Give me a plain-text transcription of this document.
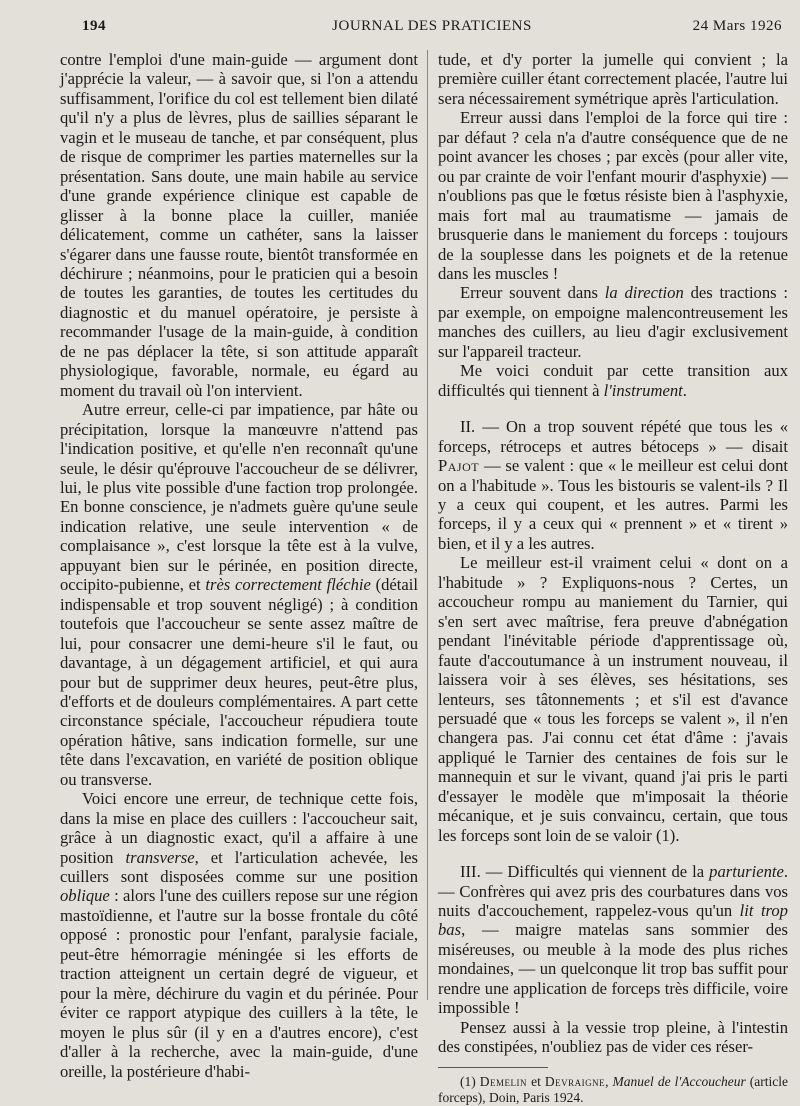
194	JOURNAL DES PRATICIENS	24 Mars 1926

contre l'emploi d'une main-guide — argument dont j'apprécie la valeur, — à savoir que, si l'on a attendu suffisamment, l'orifice du col est tellement bien dilaté qu'il n'y a plus de lèvres, plus de saillies séparant le vagin et le museau de tanche, et par conséquent, plus de risque de comprimer les parties maternelles sur la présentation. Sans doute, une main habile au service d'une grande expérience clinique est capable de glisser à la bonne place la cuiller, maniée délicatement, comme un cathéter, sans la laisser s'égarer dans une fausse route, bientôt transformée en déchirure ; néanmoins, pour le praticien qui a besoin de toutes les garanties, de toutes les certitudes du diagnostic et du manuel opératoire, je persiste à recommander l'usage de la main-guide, à condition de ne pas déplacer la tête, si son attitude apparaît physiologique, favorable, normale, eu égard au moment du travail où l'on intervient.

Autre erreur, celle-ci par impatience, par hâte ou précipitation, lorsque la manœuvre n'attend pas l'indication positive, et qu'elle n'en reconnaît qu'une seule, le désir qu'éprouve l'accoucheur de se délivrer, lui, le plus vite possible d'une faction trop prolongée. En bonne conscience, je n'admets guère qu'une seule indication relative, une seule intervention « de complaisance », c'est lorsque la tête est à la vulve, appuyant bien sur le périnée, en position directe, occipito-pubienne, et très correctement fléchie (détail indispensable et trop souvent négligé) ; à condition toutefois que l'accoucheur se sente assez maître de lui, pour consacrer une demi-heure s'il le faut, ou davantage, à un dégagement artificiel, et qui aura pour but de supprimer deux heures, peut-être plus, d'efforts et de douleurs complémentaires. A part cette circonstance spéciale, l'accoucheur répudiera toute opération hâtive, sans indication formelle, sur une tête dans l'excavation, en variété de position oblique ou transverse.

Voici encore une erreur, de technique cette fois, dans la mise en place des cuillers : l'accoucheur sait, grâce à un diagnostic exact, qu'il a affaire à une position transverse, et l'articulation achevée, les cuillers sont disposées comme sur une position oblique : alors l'une des cuillers repose sur une région mastoïdienne, et l'autre sur la bosse frontale du côté opposé : pronostic pour l'enfant, paralysie faciale, peut-être hémorragie méningée si les efforts de traction atteignent un certain degré de vigueur, et pour la mère, déchirure du vagin et du périnée. Pour éviter ce rapport atypique des cuillers à la tête, le moyen le plus sûr (il y en a d'autres encore), c'est d'aller à la recherche, avec la main-guide, d'une oreille, la postérieure d'habi-

tude, et d'y porter la jumelle qui convient ; la première cuiller étant correctement placée, l'autre lui sera nécessairement symétrique après l'articulation.

Erreur aussi dans l'emploi de la force qui tire : par défaut ? cela n'a d'autre conséquence que de ne point avancer les choses ; par excès (pour aller vite, ou par crainte de voir l'enfant mourir d'asphyxie) — n'oublions pas que le fœtus résiste bien à l'asphyxie, mais fort mal au traumatisme — jamais de brusquerie dans le maniement du forceps : toujours de la souplesse dans les poignets et de la retenue dans les muscles !

Erreur souvent dans la direction des tractions : par exemple, on empoigne malencontreusement les manches des cuillers, au lieu d'agir exclusivement sur l'appareil tracteur.

Me voici conduit par cette transition aux difficultés qui tiennent à l'instrument.

II. — On a trop souvent répété que tous les « forceps, rétroceps et autres bétoceps » — disait Pajot — se valent : que « le meilleur est celui dont on a l'habitude ». Tous les bistouris se valent-ils ? Il y a ceux qui coupent, et les autres. Parmi les forceps, il y a ceux qui « prennent » et « tirent » bien, et il y a les autres.

Le meilleur est-il vraiment celui « dont on a l'habitude » ? Expliquons-nous ? Certes, un accoucheur rompu au maniement du Tarnier, qui s'en sert avec maîtrise, fera preuve d'abnégation pendant l'inévitable période d'apprentissage où, faute d'accoutumance à un instrument nouveau, il laissera voir à ses élèves, ses hésitations, ses lenteurs, ses tâtonnements ; et s'il est d'avance persuadé que « tous les forceps se valent », il n'en changera pas. J'ai connu cet état d'âme : j'avais appliqué le Tarnier des centaines de fois sur le mannequin et sur le vivant, quand j'ai pris le parti d'essayer le modèle que m'imposait la théorie mécanique, et je suis convaincu, certain, que tous les forceps sont loin de se valoir (1).

III. — Difficultés qui viennent de la parturiente. — Confrères qui avez pris des courbatures dans vos nuits d'accouchement, rappelez-vous qu'un lit trop bas, — maigre matelas sans sommier des miséreuses, ou meuble à la mode des plus riches mondaines, — un quelconque lit trop bas suffit pour rendre une application de forceps très difficile, voire impossible !

Pensez aussi à la vessie trop pleine, à l'intestin des constipées, n'oubliez pas de vider ces réser-

(1) Demelin et Devraigne, Manuel de l'Accoucheur (article forceps), Doin, Paris 1924.
